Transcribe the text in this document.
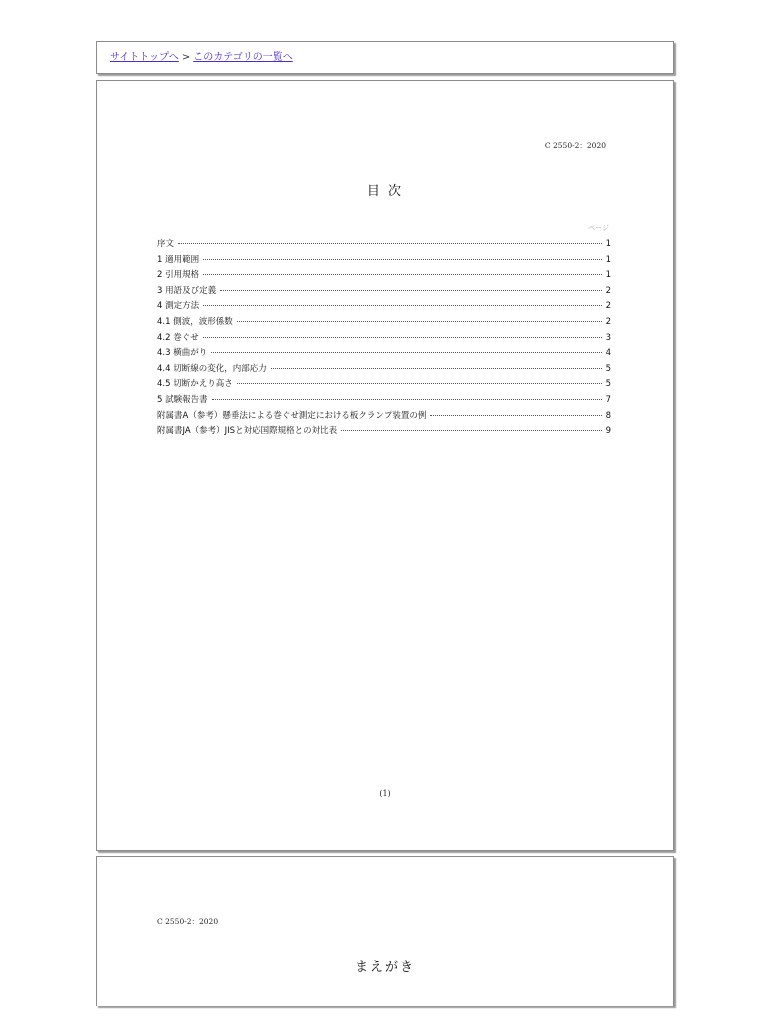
サイトトップへ > このカテゴリの一覧へ
C 2550-2：2020
目 次
ページ
序文	1
1 適用範囲	1
2 引用規格	1
3 用語及び定義	2
4 測定方法	2
4.1 側波，波形係数	2
4.2 巻ぐせ	3
4.3 横曲がり	4
4.4 切断線の変化，内部応力	5
4.5 切断かえり高さ	5
5 試験報告書	7
附属書A（参考）懸垂法による巻ぐせ測定における板クランプ装置の例	8
附属書JA（参考）JISと対応国際規格との対比表	9
(1)
C 2550-2：2020
まえがき
